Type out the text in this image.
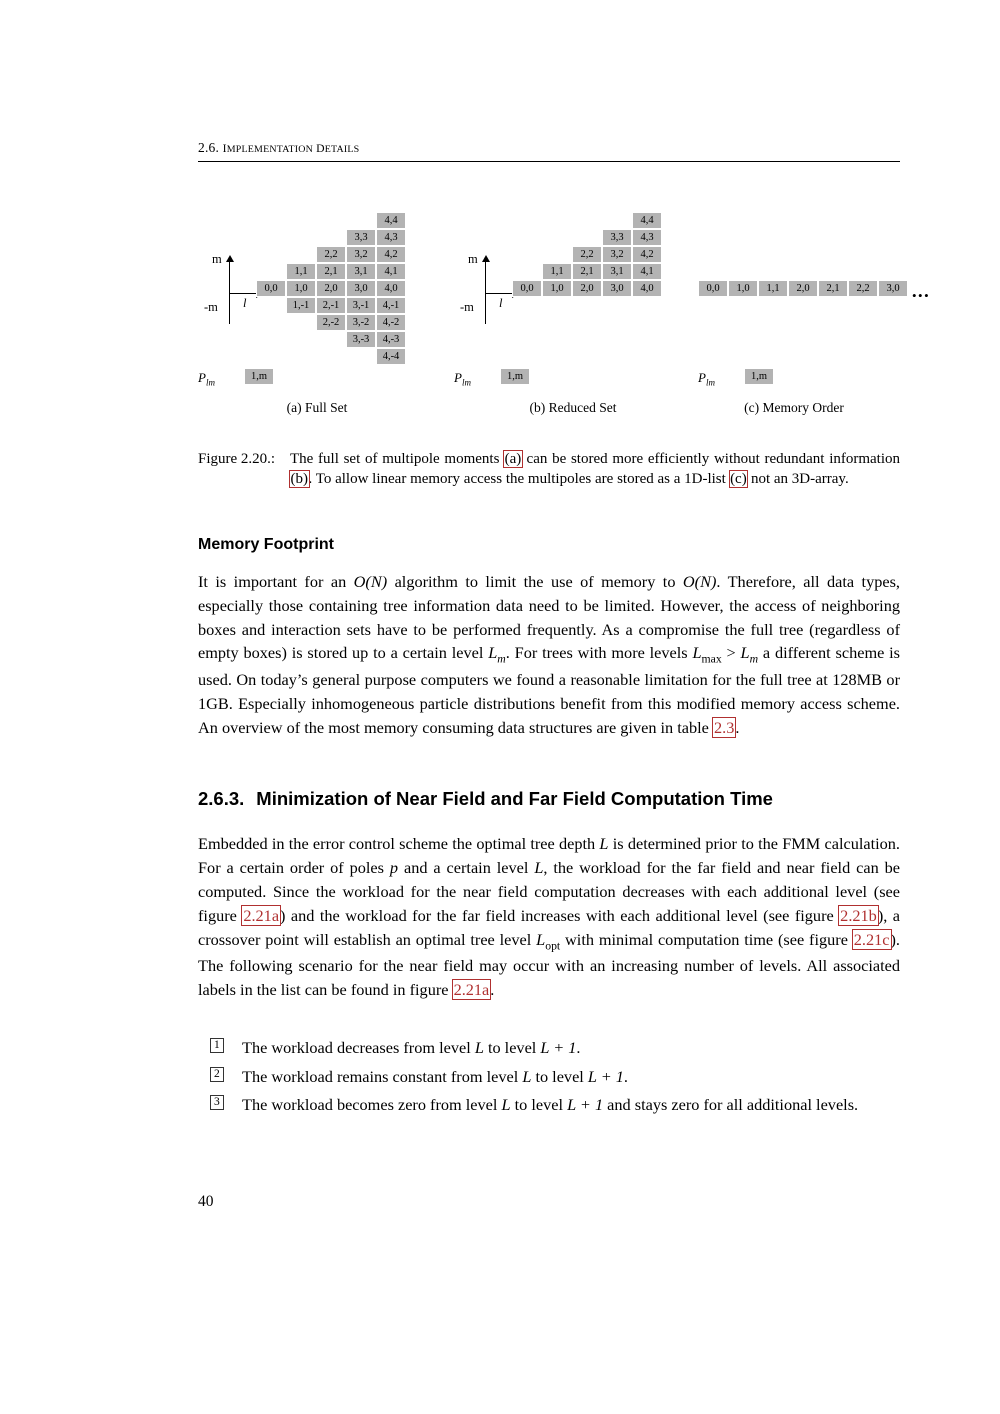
2.6. IMPLEMENTATION DETAILS
m
-m l
4,4
3,3	4,3
2,2	3,2	4,2
1,1	2,1	3,1	4,1
0,0	1,0	2,0	3,0	4,0
1,-1	2,-1	3,-1	4,-1
2,-2	3,-2	4,-2
3,-3	4,-3
4,-4
$P_{lm}$
1,m
(a) Full Set
m
-m l
4,4
3,3	4,3
2,2	3,2	4,2
1,1	2,1	3,1	4,1
0,0	1,0	2,0	3,0	4,0
$P_{lm}$
1,m
(b) Reduced Set
0,0	1,0	1,1	2,0	2,1	2,2	3,0 •••
$P_{lm}$
1,m
(c) Memory Order
Figure 2.20.: The full set of multipole moments (a) can be stored more efficiently without redundant information (b). To allow linear memory access the multipoles are stored as a 1D-list (c) not an 3D-array.
Memory Footprint

It is important for an O(N) algorithm to limit the use of memory to O(N). Therefore, all data types, especially those containing tree information data need to be limited. However, the access of neighboring boxes and interaction sets have to be performed frequently. As a compromise the full tree (regardless of empty boxes) is stored up to a certain level $L_m$. For trees with more levels $L_{max} > L_m$ a different scheme is used. On today’s general purpose computers we found a reasonable limitation for the full tree at 128MB or 1GB. Especially inhomogeneous particle distributions benefit from this modified memory access scheme. An overview of the most memory consuming data structures are given in table 2.3.

2.6.3. Minimization of Near Field and Far Field Computation Time

Embedded in the error control scheme the optimal tree depth L is determined prior to the FMM calculation. For a certain order of poles p and a certain level L, the workload for the far field and near field can be computed. Since the workload for the near field computation decreases with each additional level (see figure 2.21a) and the workload for the far field increases with each additional level (see figure 2.21b), a crossover point will establish an optimal tree level $L_{opt}$ with minimal computation time (see figure 2.21c). The following scenario for the near field may occur with an increasing number of levels. All associated labels in the list can be found in figure 2.21a.

1 The workload decreases from level L to level L + 1.
2 The workload remains constant from level L to level L + 1.
3 The workload becomes zero from level L to level L + 1 and stays zero for all additional levels.
40
